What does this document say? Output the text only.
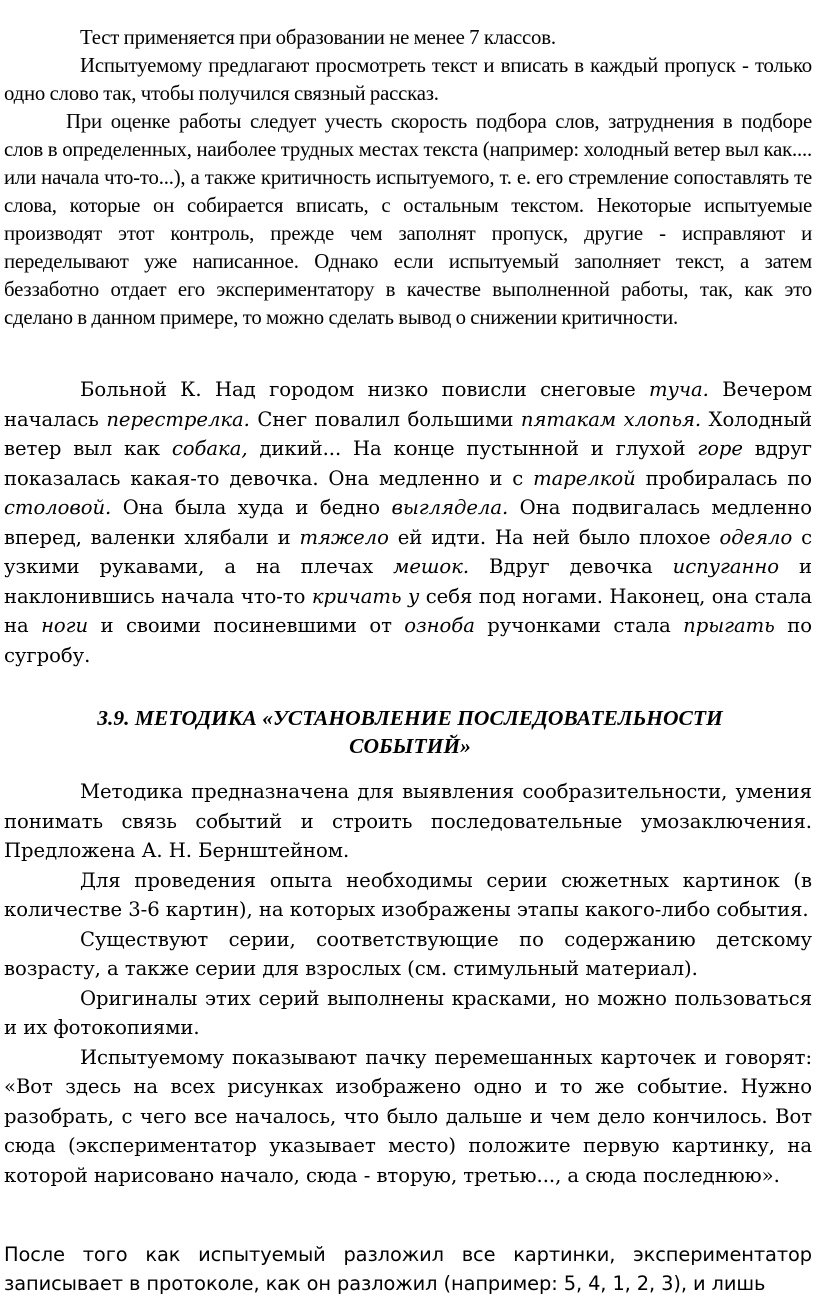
Тест применяется при образовании не менее 7 классов.

Испытуемому предлагают просмотреть текст и вписать в каждый пропуск - только одно слово так, чтобы получился связный рассказ.

При оценке работы следует учесть скорость подбора слов, затруднения в подборе слов в определенных, наиболее трудных местах текста (например: холодный ветер выл как.... или начала что-то...), а также критичность испытуемого, т. е. его стремление сопоставлять те слова, которые он собирается вписать, с остальным текстом. Некоторые испытуемые производят этот контроль, прежде чем заполнят пропуск, другие - исправляют и переделывают уже написанное. Однако если испытуемый заполняет текст, а затем беззаботно отдает его экспериментатору в качестве выполненной работы, так, как это сделано в данном примере, то можно сделать вывод о снижении критичности.

Больной К. Над городом низко повисли снеговые туча. Вечером началась перестрелка. Снег повалил большими пятакам хлопья. Холодный ветер выл как собака, дикий... На конце пустынной и глухой горе вдруг показалась какая-то девочка. Она медленно и с тарелкой пробиралась по столовой. Она была худа и бедно выглядела. Она подвигалась медленно вперед, валенки хлябали и тяжело ей идти. На ней было плохое одеяло с узкими рукавами, а на плечах мешок. Вдруг девочка испуганно и наклонившись начала что-то кричать у себя под ногами. Наконец, она стала на ноги и своими посиневшими от озноба ручонками стала прыгать по сугробу.

3.9. МЕТОДИКА «УСТАНОВЛЕНИЕ ПОСЛЕДОВАТЕЛЬНОСТИ

СОБЫТИЙ»

Методика предназначена для выявления сообразительности, умения понимать связь событий и строить последовательные умозаключения. Предложена А. Н. Бернштейном.

Для проведения опыта необходимы серии сюжетных картинок (в количестве 3-6 картин), на которых изображены этапы какого-либо события.

Существуют серии, соответствующие по содержанию детскому возрасту, а также серии для взрослых (см. стимульный материал).

Оригиналы этих серий выполнены красками, но можно пользоваться и их фотокопиями.

Испытуемому показывают пачку перемешанных карточек и говорят: «Вот здесь на всех рисунках изображено одно и то же событие. Нужно разобрать, с чего все началось, что было дальше и чем дело кончилось. Вот сюда (экспериментатор указывает место) положите первую картинку, на которой нарисовано начало, сюда - вторую, третью..., а сюда последнюю».

После того как испытуемый разложил все картинки, экспериментатор записывает в протоколе, как он разложил (например: 5, 4, 1, 2, 3), и лишь
